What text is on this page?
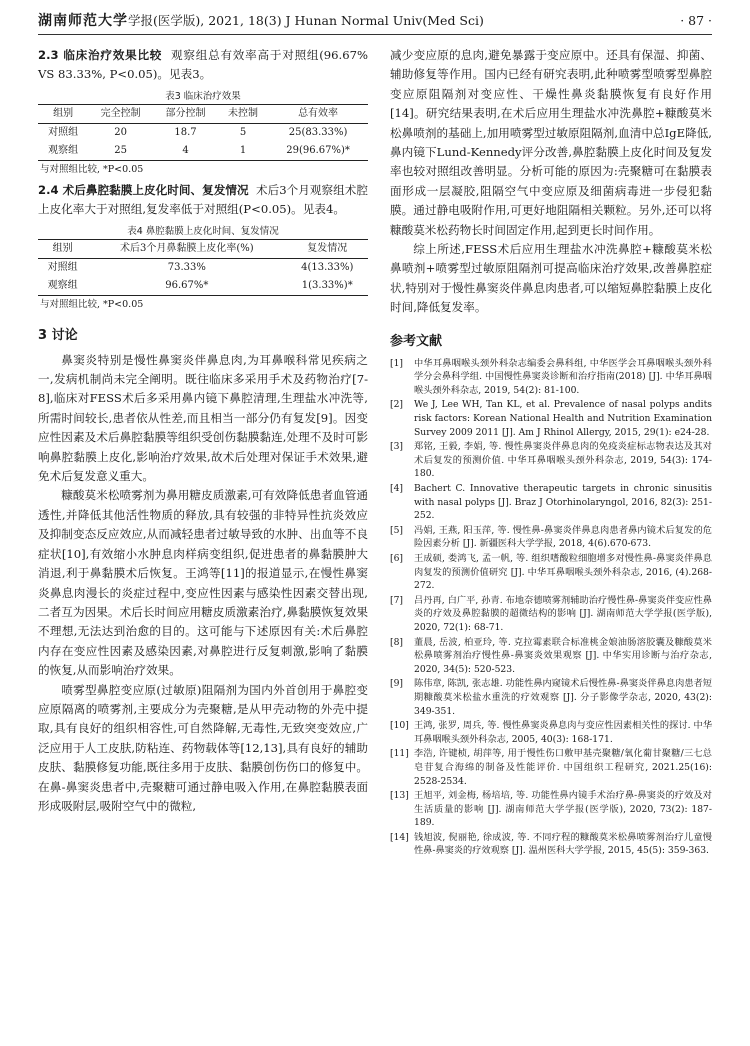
湖南师范大学学报(医学版), 2021, 18(3) J Hunan Normal Univ(Med Sci)	· 87 ·

2.3 临床治疗效果比较 观察组总有效率高于对照组(96.67% VS 83.33%, P<0.05)。见表3。

表3 临床治疗效果
组别	完全控制	部分控制	未控制	总有效率
对照组	20	18.7	5	25(83.33%)
观察组	25	4	1	29(96.67%)*
与对照组比较, *P<0.05

2.4 术后鼻腔黏膜上皮化时间、复发情况 术后3个月观察组术腔上皮化率大于对照组,复发率低于对照组(P<0.05)。见表4。

表4 鼻腔黏膜上皮化时间、复发情况
组别	术后3个月鼻黏膜上皮化率(%)	复发情况
对照组	73.33%	4(13.33%)
观察组	96.67%*	1(3.33%)*
与对照组比较, *P<0.05
3 讨论

鼻窦炎特别是慢性鼻窦炎伴鼻息肉,为耳鼻喉科常见疾病之一,发病机制尚未完全阐明。既往临床多采用手术及药物治疗[7-8],临床对FESS术后多采用鼻内镜下鼻腔清理,生理盐水冲洗等,所需时间较长,患者依从性差,而且相当一部分仍有复发[9]。因变应性因素及术后鼻腔黏膜等组织受创伤黏膜黏连,处理不及时可影响鼻腔黏膜上皮化,影响治疗效果,故术后处理对保证手术效果,避免术后复发意义重大。

糠酸莫米松喷雾剂为鼻用糖皮质激素,可有效降低患者血管通透性,并降低其他活性物质的释放,具有较强的非特异性抗炎效应及抑制变态反应效应,从而减轻患者过敏导致的水肿、出血等不良症状[10],有效缩小水肿息肉样病变组织,促进患者的鼻黏膜肿大消退,利于鼻黏膜术后恢复。王鸿等[11]的报道显示,在慢性鼻窦炎鼻息肉漫长的炎症过程中,变应性因素与感染性因素交替出现,二者互为因果。术后长时间应用糖皮质激素治疗,鼻黏膜恢复效果不理想,无法达到治愈的目的。这可能与下述原因有关:术后鼻腔内存在变应性因素及感染因素,对鼻腔进行反复刺激,影响了黏膜的恢复,从而影响治疗效果。

喷雾型鼻腔变应原(过敏原)阻隔剂为国内外首创用于鼻腔变应原隔离的喷雾剂,主要成分为壳聚糖,是从甲壳动物的外壳中提取,具有良好的组织相容性,可自然降解,无毒性,无致突变效应,广泛应用于人工皮肤,防粘连、药物载体等[12,13],具有良好的辅助皮肤、黏膜修复功能,既往多用于皮肤、黏膜创伤伤口的修复中。在鼻-鼻窦炎患者中,壳聚糖可通过静电吸入作用,在鼻腔黏膜表面形成吸附层,吸附空气中的微粒,

减少变应原的息肉,避免暴露于变应原中。还具有保湿、抑菌、辅助修复等作用。国内已经有研究表明,此种喷雾型喷雾型鼻腔变应原阻隔剂对变应性、干燥性鼻炎黏膜恢复有良好作用[14]。研究结果表明,在术后应用生理盐水冲洗鼻腔+糠酸莫米松鼻喷剂的基础上,加用喷雾型过敏原阻隔剂,血清中总IgE降低,鼻内镜下Lund-Kennedy评分改善,鼻腔黏膜上皮化时间及复发率也较对照组改善明显。分析可能的原因为:壳聚糖可在黏膜表面形成一层凝胶,阻隔空气中变应原及细菌病毒进一步侵犯黏膜。通过静电吸附作用,可更好地阻隔相关颗粒。另外,还可以将糠酸莫米松药物长时间固定作用,起到更长时间作用。

综上所述,FESS术后应用生理盐水冲洗鼻腔+糠酸莫米松鼻喷剂+喷雾型过敏原阻隔剂可提高临床治疗效果,改善鼻腔症状,特别对于慢性鼻窦炎伴鼻息肉患者,可以缩短鼻腔黏膜上皮化时间,降低复发率。

参考文献
[1]	中华耳鼻咽喉头颈外科杂志编委会鼻科组, 中华医学会耳鼻咽喉头颈外科学分会鼻科学组. 中国慢性鼻窦炎诊断和治疗指南(2018) [J]. 中华耳鼻咽喉头颈外科杂志, 2019, 54(2): 81-100.
[2]	We J, Lee WH, Tan KL, et al. Prevalence of nasal polyps andits risk factors: Korean National Health and Nutrition Examination Survey 2009 2011 [J]. Am J Rhinol Allergy, 2015, 29(1): e24-28.
[3]	郑铭, 王毅, 李娟, 等. 慢性鼻窦炎伴鼻息肉的免疫炎症标志物表达及其对术后复发的预测价值. 中华耳鼻咽喉头颈外科杂志, 2019, 54(3): 174-180.
[4]	Bachert C. Innovative therapeutic targets in chronic sinusitis with nasal polyps [J]. Braz J Otorhinolaryngol, 2016, 82(3): 251-252.
[5]	冯娟, 王燕, 阳玉萍, 等. 慢性鼻-鼻窦炎伴鼻息肉患者鼻内镜术后复发的危险因素分析 [J]. 新疆医科大学学报, 2018, 4(6).670-673.
[6]	王成硕, 娄鸿飞, 孟一帆, 等. 组织嗜酸粒细胞增多对慢性鼻-鼻窦炎伴鼻息肉复发的预测价值研究 [J]. 中华耳鼻咽喉头颈外科杂志, 2016, (4).268-272.
[7]	吕丹再, 白广平, 孙青. 布地奈德喷雾剂辅助治疗慢性鼻-鼻窦炎伴变应性鼻炎的疗效及鼻腔黏膜的超微结构的影响 [J]. 湖南师范大学学报(医学版), 2020, 72(1): 68-71.
[8]	董晨, 岳波, 柏亚玲, 等. 克拉霉素联合标准桃金娘油肠溶胶囊及糠酸莫米松鼻喷雾剂治疗慢性鼻-鼻窦炎效果观察 [J]. 中华实用诊断与治疗杂志, 2020, 34(5): 520-523.
[9]	陈伟章, 陈凯, 张志雄. 功能性鼻内窥镜术后慢性鼻-鼻窦炎伴鼻息肉患者短期糠酸莫米松盐水重洗的疗效观察 [J]. 分子影像学杂志, 2020, 43(2): 349-351.
[10] 王鸿, 张罗, 周兵, 等. 慢性鼻窦炎鼻息肉与变应性因素相关性的探讨. 中华耳鼻咽喉头颈外科杂志, 2005, 40(3): 168-171.
[11] 李浩, 许键桢, 胡萍等, 用于慢性伤口敷甲基壳聚糖/氧化葡甘聚糖/三七总皂苷复合海绵的制备及性能评价. 中国组织工程研究, 2021.25(16): 2528-2534.
[13] 王旭平, 刘金梅, 杨培培, 等. 功能性鼻内镜手术治疗鼻-鼻窦炎的疗效及对生活质量的影响 [J]. 湖南师范大学学报(医学版), 2020, 73(2): 187-189.
[14] 钱旭波, 倪丽艳, 徐成波, 等. 不同疗程的糠酸莫米松鼻喷雾剂治疗儿童慢性鼻-鼻窦炎的疗效观察 [J]. 温州医科大学学报, 2015, 45(5): 359-363.
